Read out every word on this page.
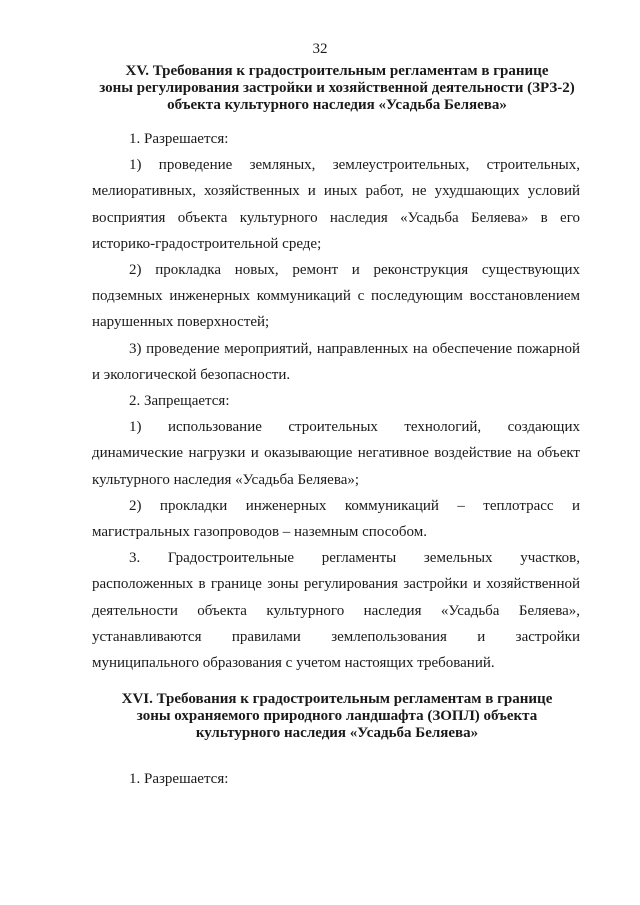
32
XV. Требования к градостроительным регламентам в границе
зоны регулирования застройки и хозяйственной деятельности (ЗРЗ-2)
объекта культурного наследия «Усадьба Беляева»

1. Разрешается:

1) проведение земляных, землеустроительных, строительных, мелиоративных, хозяйственных и иных работ, не ухудшающих условий восприятия объекта культурного наследия «Усадьба Беляева» в его историко-градостроительной среде;

2) прокладка новых, ремонт и реконструкция существующих подземных инженерных коммуникаций с последующим восстановлением нарушенных поверхностей;

3) проведение мероприятий, направленных на обеспечение пожарной и экологической безопасности.

2. Запрещается:

1) использование строительных технологий, создающих динамические нагрузки и оказывающие негативное воздействие на объект культурного наследия «Усадьба Беляева»;

2) прокладки инженерных коммуникаций – теплотрасс и магистральных газопроводов – наземным способом.

3. Градостроительные регламенты земельных участков, расположенных в границе зоны регулирования застройки и хозяйственной деятельности объекта культурного наследия «Усадьба Беляева», устанавливаются правилами землепользования и застройки муниципального образования с учетом настоящих требований.

XVI. Требования к градостроительным регламентам в границе
зоны охраняемого природного ландшафта (ЗОПЛ) объекта
культурного наследия «Усадьба Беляева»

1. Разрешается:
